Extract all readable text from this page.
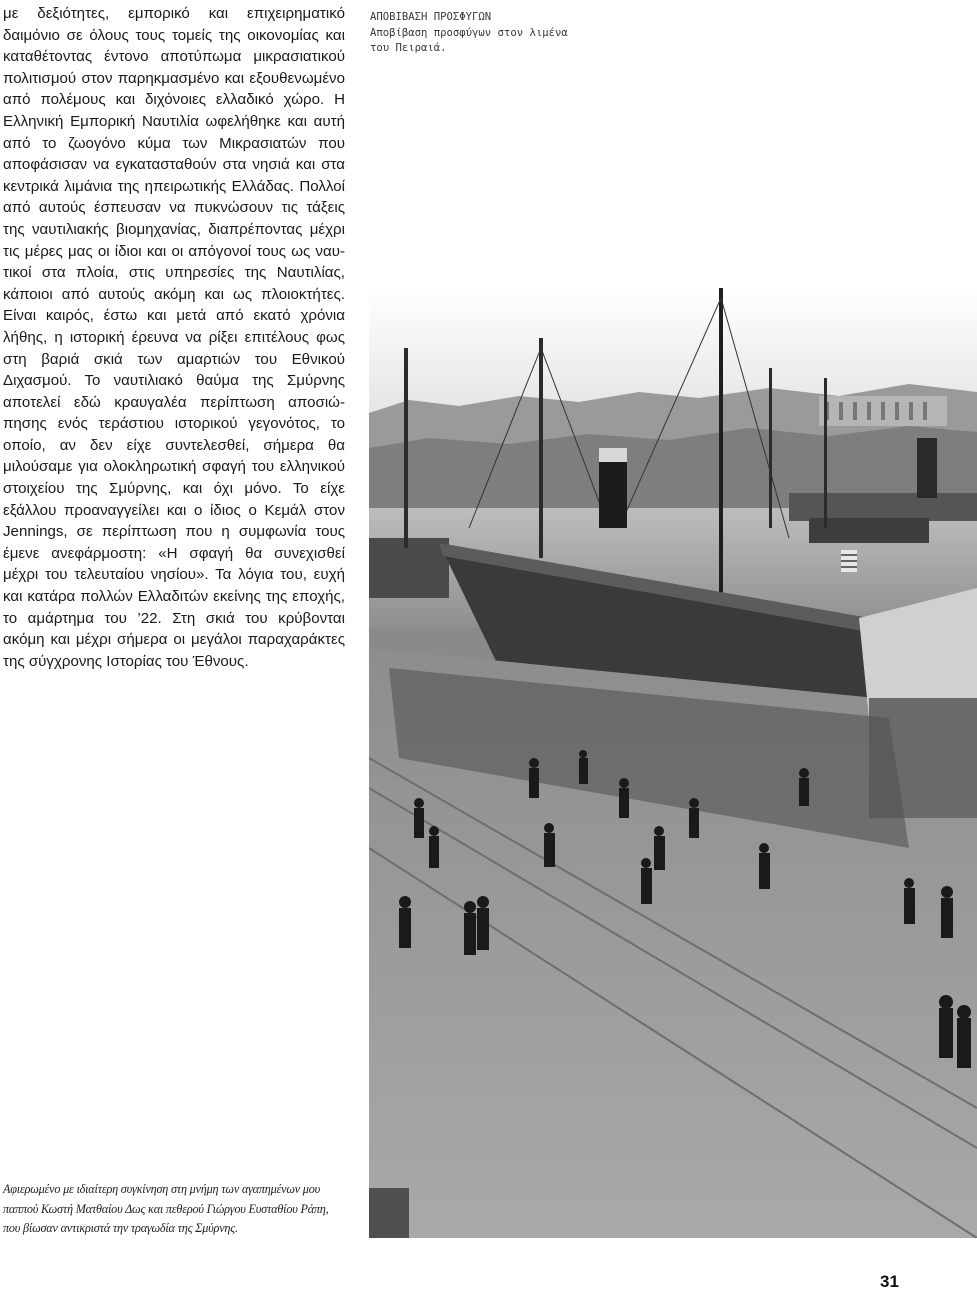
με δεξιότητες, εμπορικό και επιχειρηματικό δαιμόνιο σε όλους τους τομείς της οικονομίας και καταθέτοντας έντονο αποτύπωμα μικρασιατικού πολιτισμού στον παρηκμασμένο και εξουθενωμένο από πολέμους και διχόνοιες ελλαδικό χώρο. Η Ελληνική Εμπορική Ναυτιλία ωφελήθηκε και αυτή από το ζωογόνο κύμα των Μικρασιατών που αποφάσισαν να εγκατασταθούν στα νησιά και στα κεντρικά λιμάνια της ηπειρωτικής Ελλάδας. Πολλοί από αυτούς έσπευσαν να πυκνώσουν τις τάξεις της ναυτιλιακής βιομηχανίας, διαπρέποντας μέχρι τις μέρες μας οι ίδιοι και οι απόγονοί τους ως ναυτικοί στα πλοία, στις υπηρεσίες της Ναυτιλίας, κάποιοι από αυτούς ακόμη και ως πλοιοκτήτες. Είναι καιρός, έστω και μετά από εκατό χρόνια λήθης, η ιστορική έρευνα να ρίξει επιτέλους φως στη βαριά σκιά των αμαρτιών του Εθνικού Διχασμού. Το ναυτιλιακό θαύμα της Σμύρνης αποτελεί εδώ κραυγαλέα περίπτωση αποσιώπησης ενός τεράστιου ιστορικού γεγονότος, το οποίο, αν δεν είχε συντελεσθεί, σήμερα θα μιλούσαμε για ολοκληρωτική σφαγή του ελληνικού στοιχείου της Σμύρνης, και όχι μόνο. Το είχε εξάλλου προαναγγείλει και ο ίδιος ο Κεμάλ στον Jennings, σε περίπτωση που η συμφωνία τους έμενε ανεφάρμοστη: «Η σφαγή θα συνεχισθεί μέχρι του τελευταίου νησίου». Τα λόγια του, ευχή και κατάρα πολλών Ελλαδιτών εκείνης της εποχής, το αμάρτημα του ’22. Στη σκιά του κρύβονται ακόμη και μέχρι σήμερα οι μεγάλοι παραχαράκτες της σύγχρονης Ιστορίας του Έθνους.

ΑΠΟΒΙΒΑΣΗ ΠΡΟΣΦΥΓΩΝ
Αποβίβαση προσφύγων στον λιμένα
του Πειραιά.

Αφιερωμένο με ιδιαίτερη συγκίνηση στη μνήμη των αγαπημένων μου παππού Κωστή Ματθαίου Δως και πεθερού Γιώργου Ευσταθίου Ράπη, που βίωσαν αντικριστά την τραγωδία της Σμύρνης.

31
